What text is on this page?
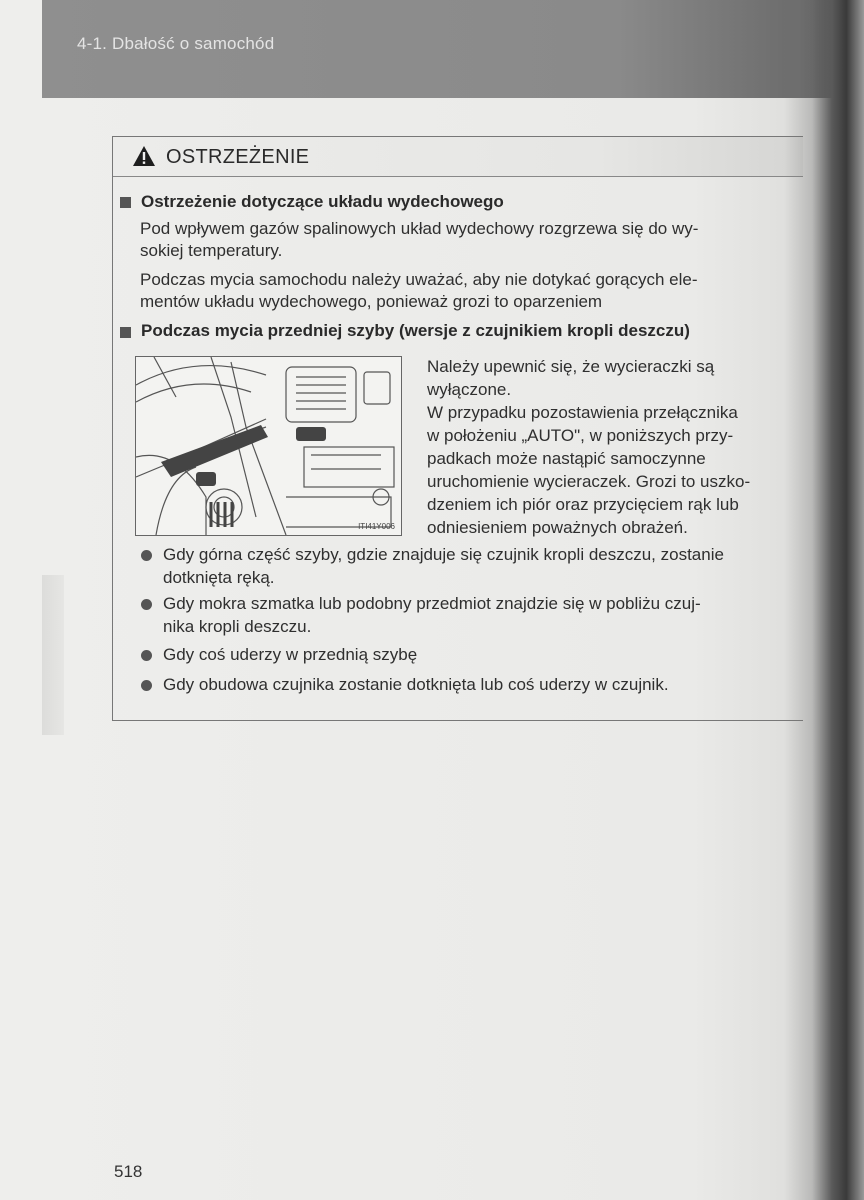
4-1. Dbałość o samochód
OSTRZEŻENIE
Ostrzeżenie dotyczące układu wydechowego
Pod wpływem gazów spalinowych układ wydechowy rozgrzewa się do wy-
sokiej temperatury.
Podczas mycia samochodu należy uważać, aby nie dotykać gorących ele-
mentów układu wydechowego, ponieważ grozi to oparzeniem
Podczas mycia przedniej szyby (wersje z czujnikiem kropli deszczu)
ITI41Y006
Należy upewnić się, że wycieraczki są
wyłączone.
W przypadku pozostawienia przełącznika
w położeniu „AUTO", w poniższych przy-
padkach może nastąpić samoczynne
uruchomienie wycieraczek. Grozi to uszko-
dzeniem ich piór oraz przycięciem rąk lub
odniesieniem poważnych obrażeń.
Gdy górna część szyby, gdzie znajduje się czujnik kropli deszczu, zostanie
dotknięta ręką.
Gdy mokra szmatka lub podobny przedmiot znajdzie się w pobliżu czuj-
nika kropli deszczu.
Gdy coś uderzy w przednią szybę
Gdy obudowa czujnika zostanie dotknięta lub coś uderzy w czujnik.
518
